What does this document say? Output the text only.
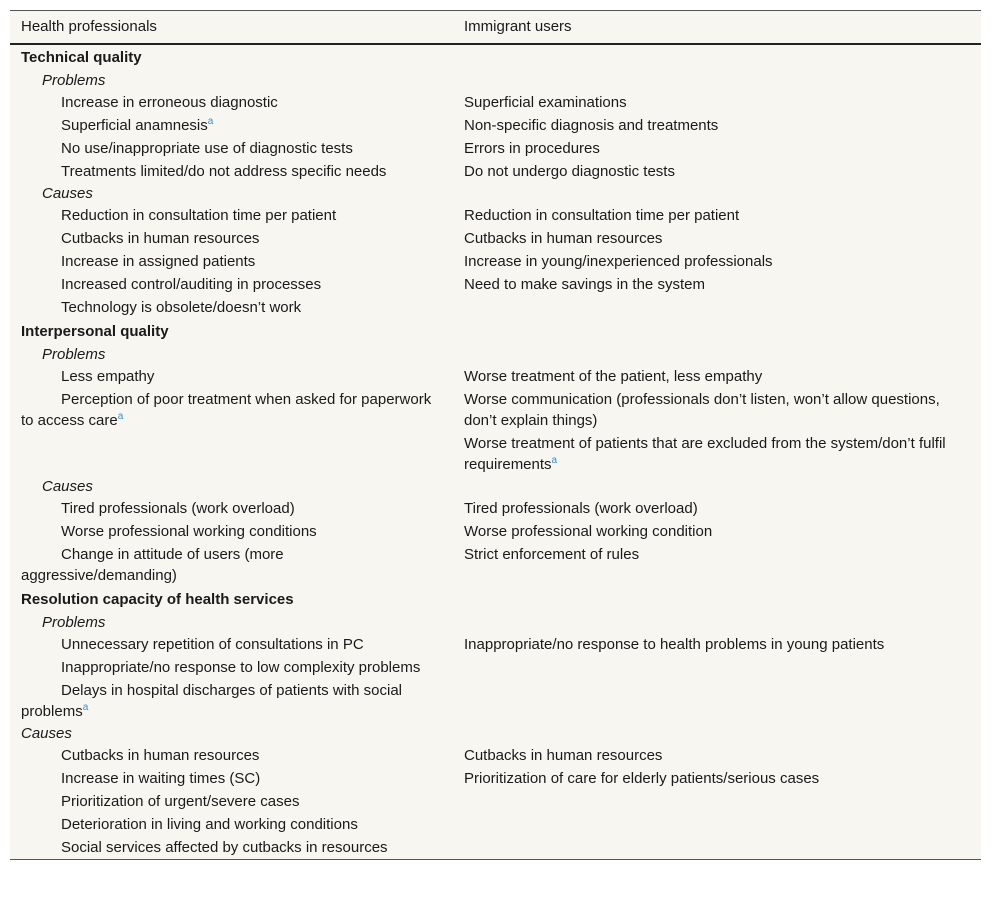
Health professionals	Immigrant users
Technical quality	
Problems	
Increase in erroneous diagnostic	Superficial examinations
Superficial anamnesis$^a$	Non-specific diagnosis and treatments
No use/inappropriate use of diagnostic tests	Errors in procedures
Treatments limited/do not address specific needs	Do not undergo diagnostic tests
Causes	
Reduction in consultation time per patient	Reduction in consultation time per patient
Cutbacks in human resources	Cutbacks in human resources
Increase in assigned patients	Increase in young/inexperienced professionals
Increased control/auditing in processes	Need to make savings in the system
Technology is obsolete/doesn’t work	
Interpersonal quality	
Problems	
Less empathy	Worse treatment of the patient, less empathy
Perception of poor treatment when asked for paperwork to access care$^a$	Worse communication (professionals don’t listen, won’t allow questions, don’t explain things)
	Worse treatment of patients that are excluded from the system/don’t fulfil requirements$^a$
Causes	
Tired professionals (work overload)	Tired professionals (work overload)
Worse professional working conditions	Worse professional working condition
Change in attitude of users (more aggressive/demanding)	Strict enforcement of rules
Resolution capacity of health services	
Problems	
Unnecessary repetition of consultations in PC	Inappropriate/no response to health problems in young patients
Inappropriate/no response to low complexity problems	
Delays in hospital discharges of patients with social problems$^a$	
Causes	
Cutbacks in human resources	Cutbacks in human resources
Increase in waiting times (SC)	Prioritization of care for elderly patients/serious cases
Prioritization of urgent/severe cases	
Deterioration in living and working conditions	
Social services affected by cutbacks in resources	
